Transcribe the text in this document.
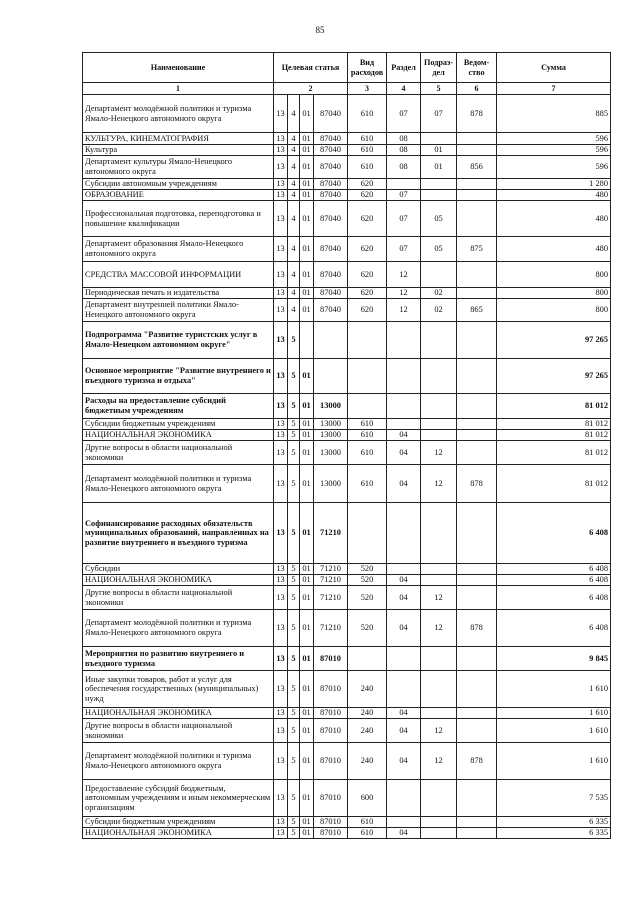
85
Наименование	Целевая статья				Вид расходов	Раздел	Подраз-дел	Ведом-ство	Сумма
1	2				3	4	5	6	7
Департамент молодёжной политики и туризма Ямало-Ненецкого автономного округа	13	4	01	87040	610	07	07	878	885
КУЛЬТУРА, КИНЕМАТОГРАФИЯ	13	4	01	87040	610	08			596
Культура	13	4	01	87040	610	08	01		596
Департамент культуры Ямало-Ненецкого автономного округа	13	4	01	87040	610	08	01	856	596
Субсидии автономным учреждениям	13	4	01	87040	620				1 280
ОБРАЗОВАНИЕ	13	4	01	87040	620	07			480
Профессиональная подготовка, переподготовка и повышение квалификации	13	4	01	87040	620	07	05		480
Департамент образования Ямало-Ненецкого автономного округа	13	4	01	87040	620	07	05	875	480
СРЕДСТВА МАССОВОЙ ИНФОРМАЦИИ	13	4	01	87040	620	12			800
Периодическая печать и издательства	13	4	01	87040	620	12	02		800
Департамент внутренней политики Ямало-Ненецкого автономного округа	13	4	01	87040	620	12	02	865	800
Подпрограмма "Развитие туристских услуг в Ямало-Ненецком автономном округе"	13	5							97 265
Основное мероприятие "Развитие внутреннего и въездного туризма и отдыха"	13	5	01						97 265
Расходы на предоставление субсидий бюджетным учреждениям	13	5	01	13000					81 012
Субсидии бюджетным учреждениям	13	5	01	13000	610				81 012
НАЦИОНАЛЬНАЯ ЭКОНОМИКА	13	5	01	13000	610	04			81 012
Другие вопросы в области национальной экономики	13	5	01	13000	610	04	12		81 012
Департамент молодёжной политики и туризма Ямало-Ненецкого автономного округа	13	5	01	13000	610	04	12	878	81 012
Софинансирование расходных обязательств муниципальных образований, направленных на развитие внутреннего и въездного туризма	13	5	01	71210					6 408
Субсидии	13	5	01	71210	520				6 408
НАЦИОНАЛЬНАЯ ЭКОНОМИКА	13	5	01	71210	520	04			6 408
Другие вопросы в области национальной экономики	13	5	01	71210	520	04	12		6 408
Департамент молодёжной политики и туризма Ямало-Ненецкого автономного округа	13	5	01	71210	520	04	12	878	6 408
Мероприятия по развитию внутреннего и въездного туризма	13	5	01	87010					9 845
Иные закупки товаров, работ и услуг для обеспечения государственных (муниципальных) нужд	13	5	01	87010	240				1 610
НАЦИОНАЛЬНАЯ ЭКОНОМИКА	13	5	01	87010	240	04			1 610
Другие вопросы в области национальной экономики	13	5	01	87010	240	04	12		1 610
Департамент молодёжной политики и туризма Ямало-Ненецкого автономного округа	13	5	01	87010	240	04	12	878	1 610
Предоставление субсидий бюджетным, автономным учреждениям и иным некоммерческим организациям	13	5	01	87010	600				7 535
Субсидии бюджетным учреждениям	13	5	01	87010	610				6 335
НАЦИОНАЛЬНАЯ ЭКОНОМИКА	13	5	01	87010	610	04			6 335
